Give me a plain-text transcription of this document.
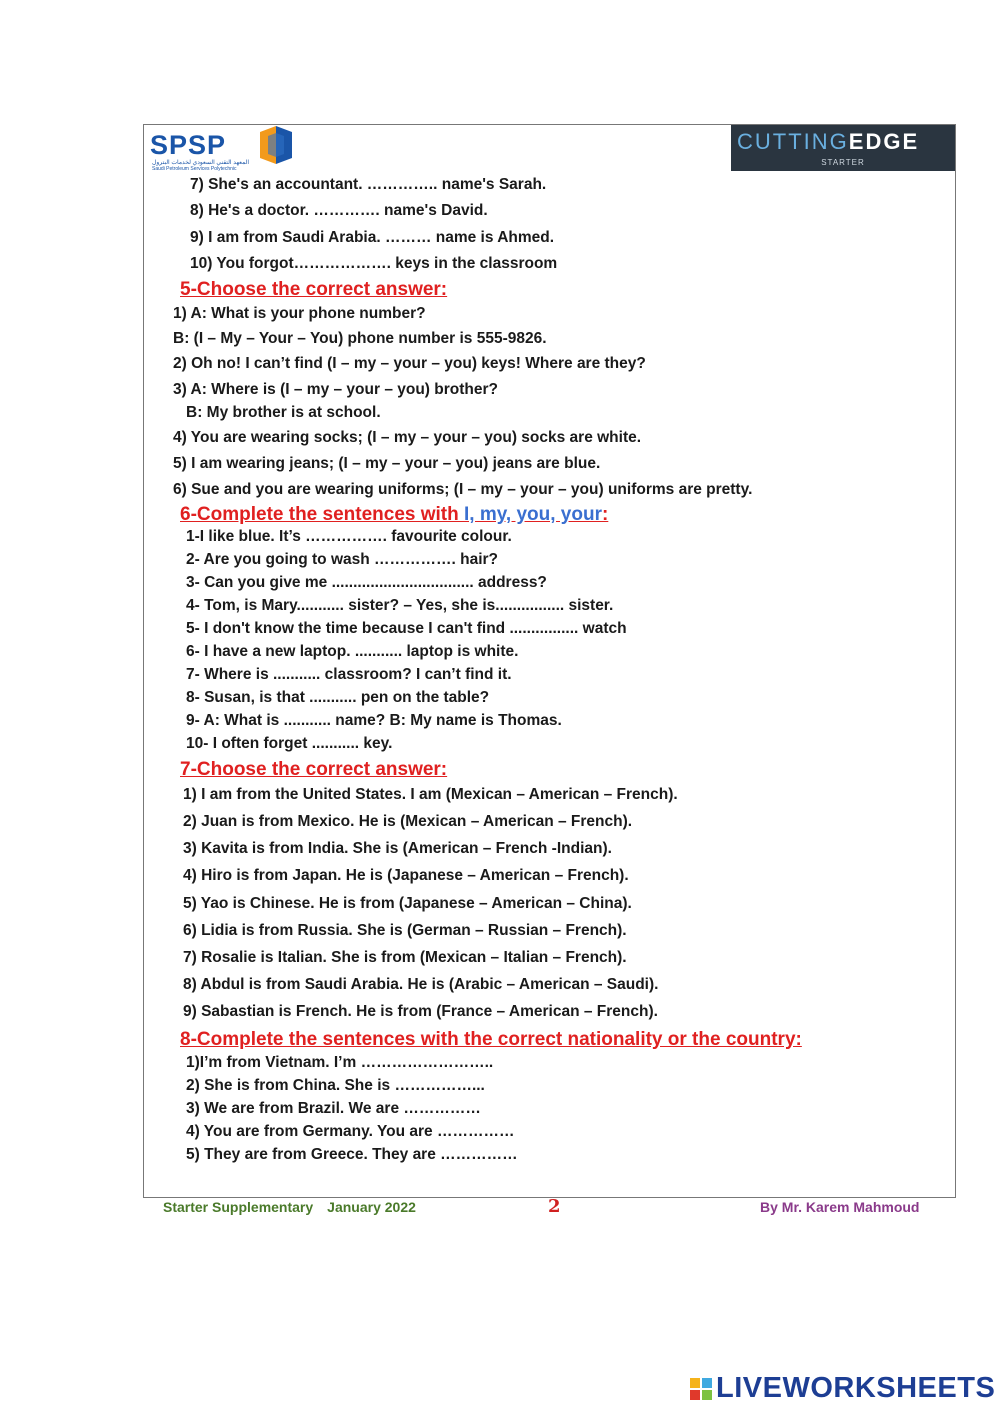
SPSP
المعهد التقني السعودي لخدمات البترول
Saudi Petroleum Services Polytechnic
CUTTINGEDGE
STARTER
7) She's an accountant. ………….. name's Sarah.
8) He's a doctor. …………. name's David.
9) I am from Saudi Arabia. ……… name is Ahmed.
10) You forgot………………. keys in the classroom
5-Choose the correct answer:
1) A: What is your phone number?
B: (I – My – Your – You) phone number is 555-9826.
2) Oh no! I can’t find (I – my – your – you) keys! Where are they?
3) A: Where is (I – my – your – you) brother?
B: My brother is at school.
4) You are wearing socks; (I – my – your – you) socks are white.
5) I am wearing jeans; (I – my – your – you) jeans are blue.
6) Sue and you are wearing uniforms; (I – my – your – you) uniforms are pretty.
6-Complete the sentences with I, my, you, your:
1-I like blue. It’s ……………. favourite colour.
2- Are you going to wash ……………. hair?
3- Can you give me ................................. address?
4- Tom, is Mary........... sister? – Yes, she is................ sister.
5- I don't know the time because I can't find ................ watch
6- I have a new laptop. ........... laptop is white.
7- Where is ........... classroom? I can’t find it.
8- Susan, is that ........... pen on the table?
9- A: What is ........... name? B: My name is Thomas.
10- I often forget ........... key.
7-Choose the correct answer:
1) I am from the United States. I am (Mexican – American – French).
2) Juan is from Mexico. He is (Mexican – American – French).
3) Kavita is from India. She is (American – French -Indian).
4) Hiro is from Japan. He is (Japanese – American – French).
5) Yao is Chinese. He is from (Japanese – American – China).
6) Lidia is from Russia. She is (German – Russian – French).
7) Rosalie is Italian. She is from (Mexican – Italian – French).
8) Abdul is from Saudi Arabia. He is (Arabic – American – Saudi).
9) Sabastian is French. He is from (France – American – French).
8-Complete the sentences with the correct nationality or the country:
1)I’m from Vietnam. I’m ……………………..
2) She is from China. She is ……………...
3) We are from Brazil. We are ……………
4) You are from Germany. You are ……………
5) They are from Greece. They are ……………
Starter Supplementary January 2022	2	By Mr. Karem Mahmoud
LIVEWORKSHEETS
